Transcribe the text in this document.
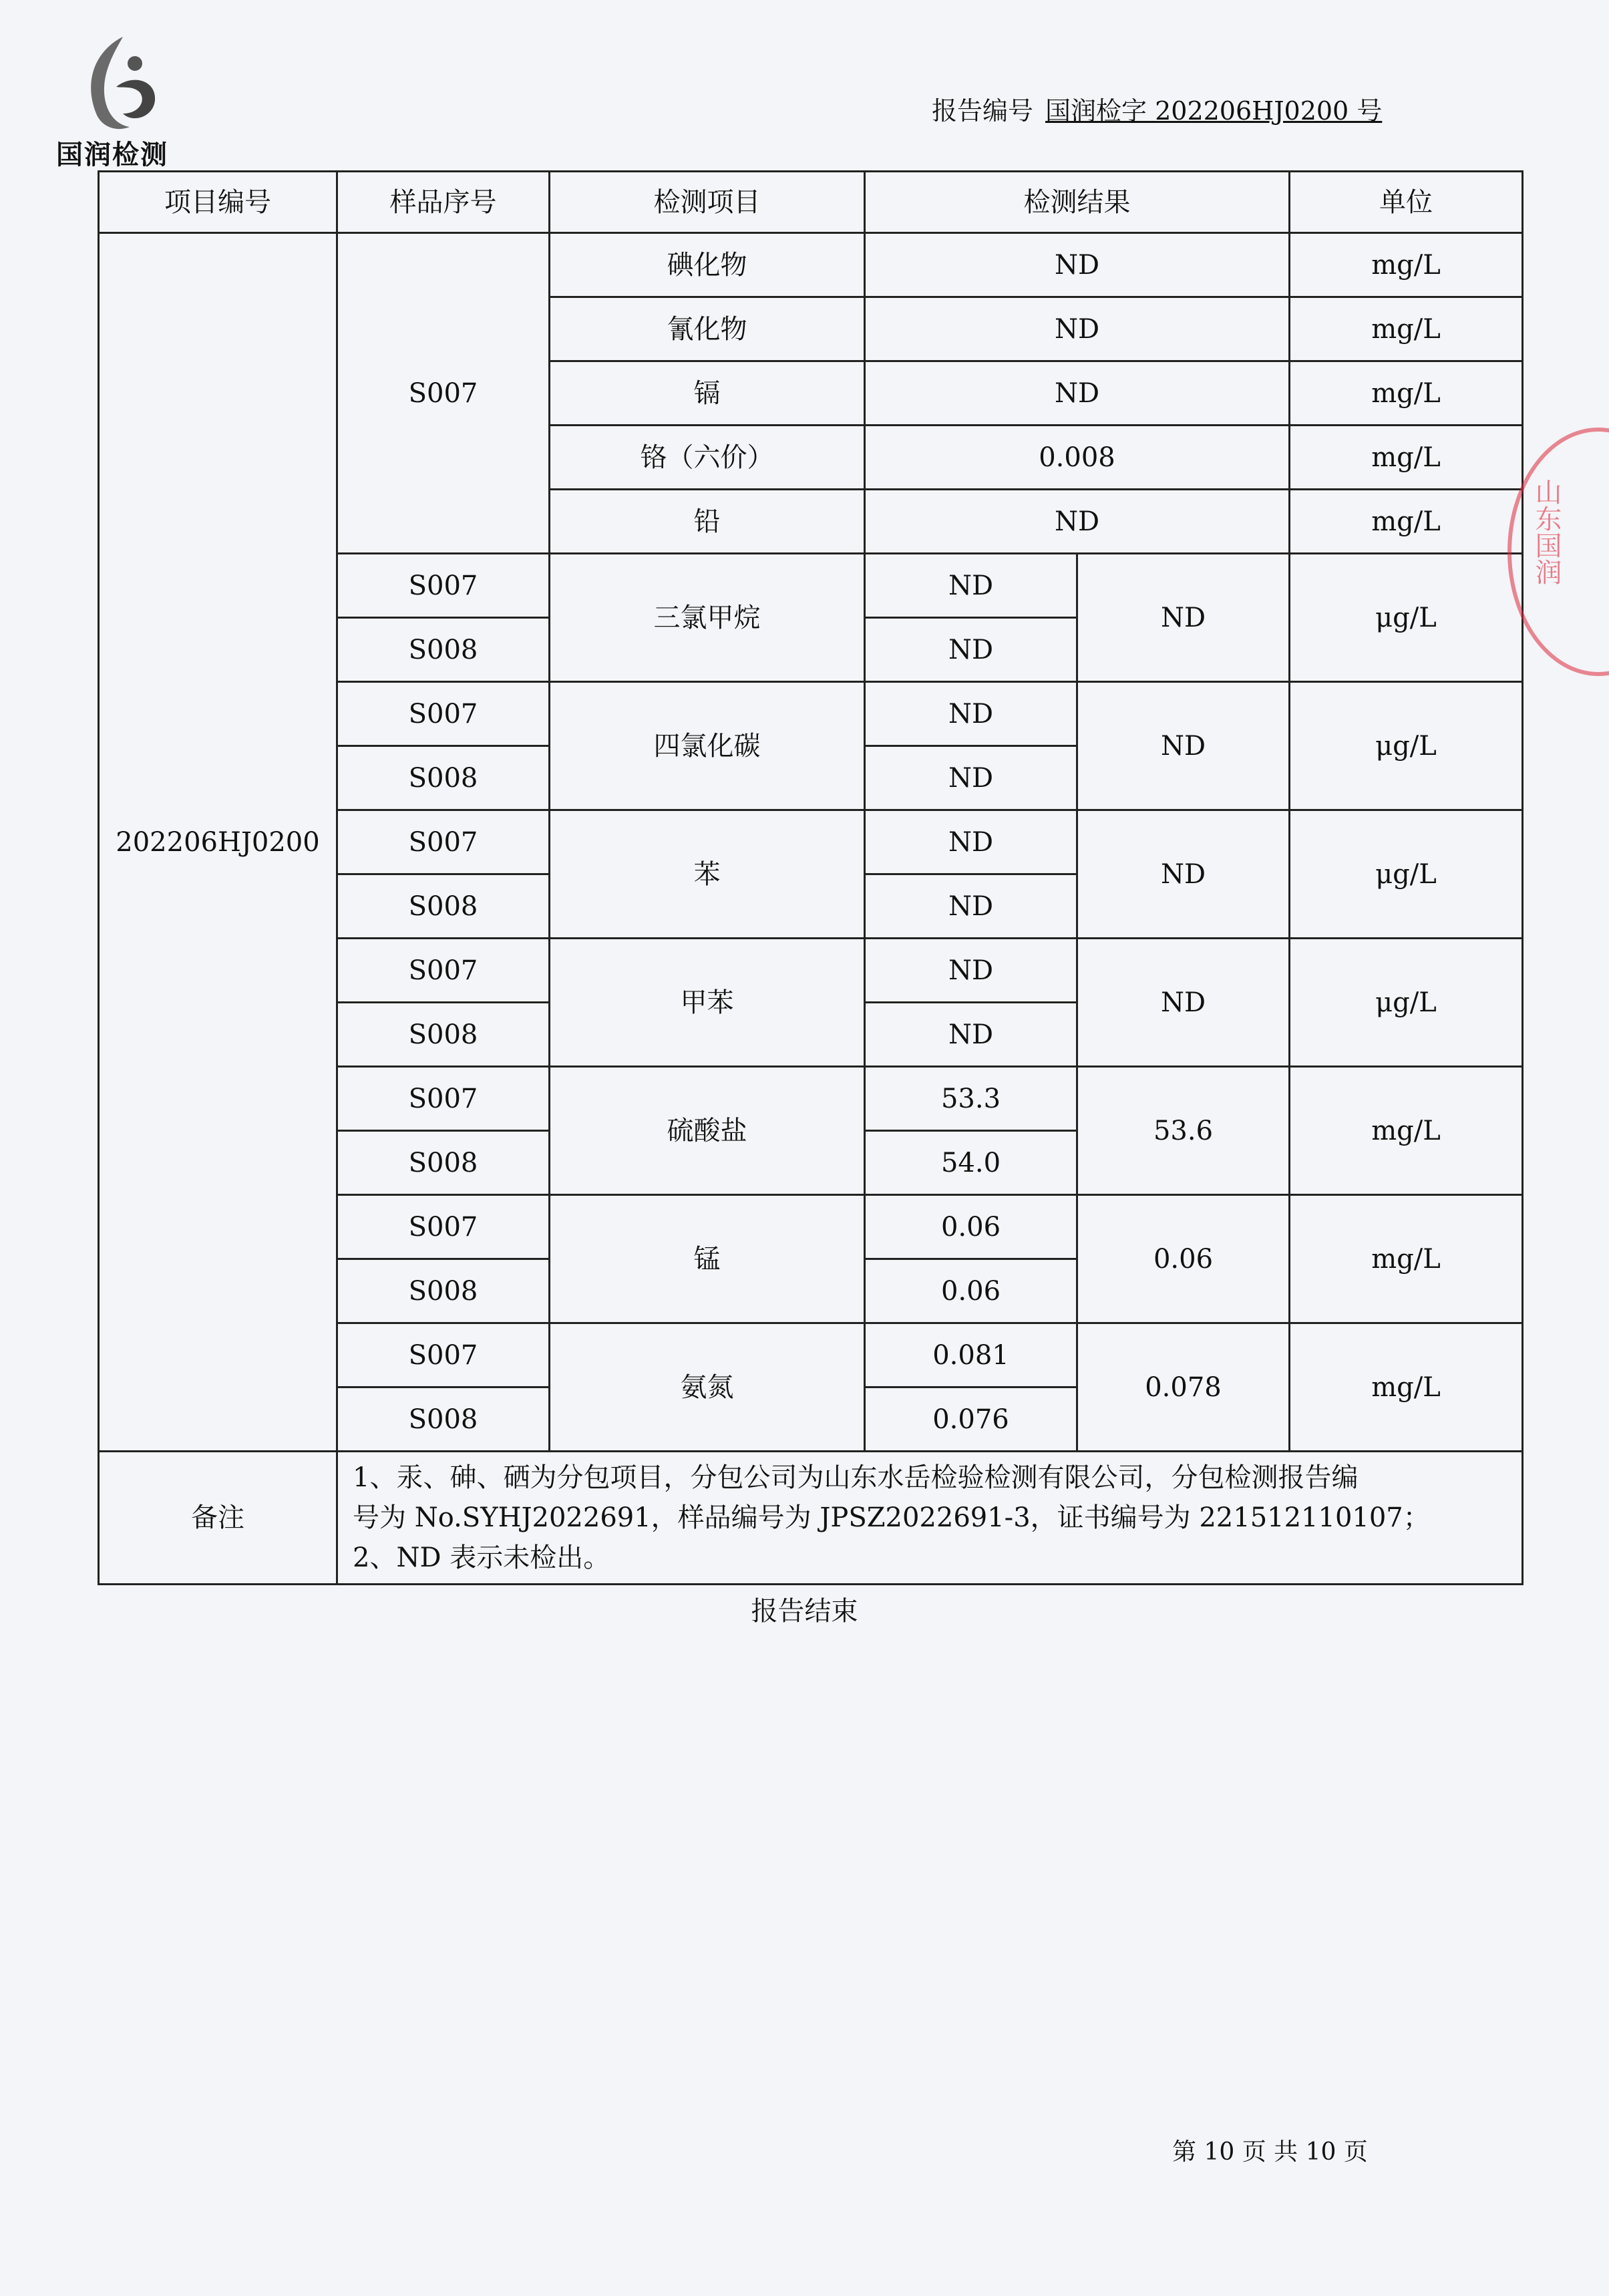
国润检测
报告编号 国润检字 202206HJ0200 号
项目编号	样品序号	检测项目	检测结果		单位
202206HJ0200	S007	碘化物	ND		mg/L
		氰化物	ND		mg/L
		镉	ND		mg/L
		铬（六价）	0.008		mg/L
		铅	ND		mg/L
	S007	三氯甲烷	ND	ND	μg/L
	S008		ND		
	S007	四氯化碳	ND	ND	μg/L
	S008		ND		
	S007	苯	ND	ND	μg/L
	S008		ND		
	S007	甲苯	ND	ND	μg/L
	S008		ND		
	S007	硫酸盐	53.3	53.6	mg/L
	S008		54.0		
	S007	锰	0.06	0.06	mg/L
	S008		0.06		
	S007	氨氮	0.081	0.078	mg/L
	S008		0.076		
备注	1、汞、砷、硒为分包项目，分包公司为山东水岳检验检测有限公司，分包检测报告编
号为 No.SYHJ2022691，样品编号为 JPSZ2022691-3，证书编号为 221512110107；
2、ND 表示未检出。				
山东国润
报告结束
第 10 页 共 10 页
